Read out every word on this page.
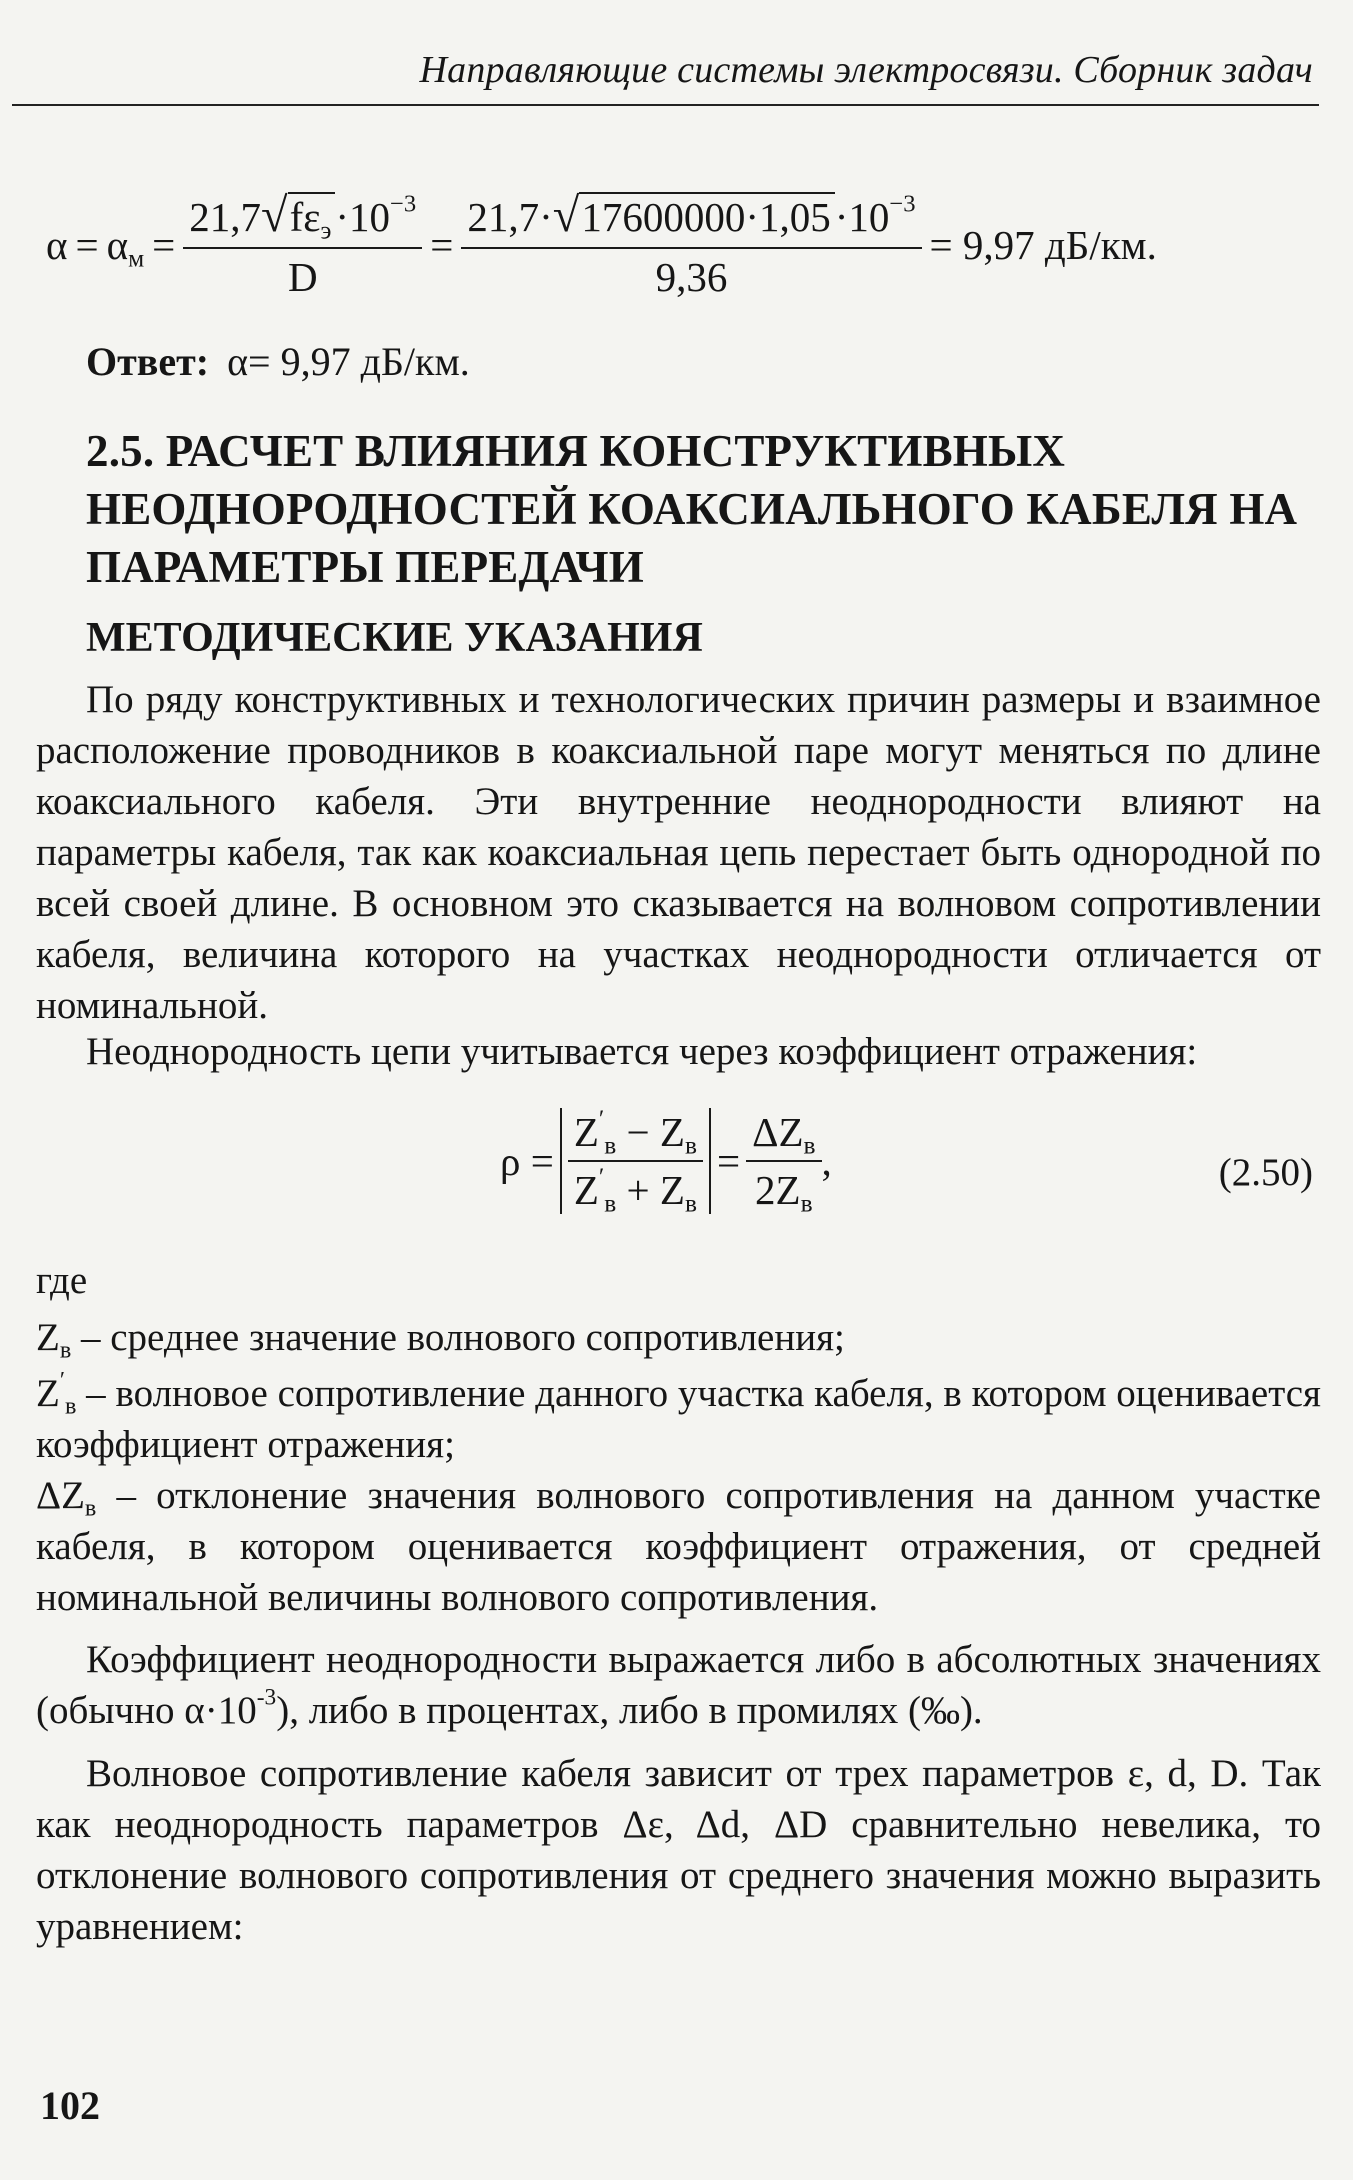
Направляющие системы электросвязи. Сборник задач
$\alpha = \alpha_м = \frac{21,7√f\varepsilon_э\cdot 10^{-3}}{D} = \frac{21,7\cdot√17600000\cdot 1,05\cdot 10^{-3}}{9,36} = 9,97$ дБ/км.
Ответ: α= 9,97 дБ/км.
2.5. РАСЧЕТ ВЛИЯНИЯ КОНСТРУКТИВНЫХ НЕОДНОРОДНОСТЕЙ КОАКСИАЛЬНОГО КАБЕЛЯ НА ПАРАМЕТРЫ ПЕРЕДАЧИ
МЕТОДИЧЕСКИЕ УКАЗАНИЯ
По ряду конструктивных и технологических причин размеры и взаимное расположение проводников в коаксиальной паре могут меняться по длине коаксиального кабеля. Эти внутренние неоднородности влияют на параметры кабеля, так как коаксиальная цепь перестает быть однородной по всей своей длине. В основном это сказывается на волновом сопротивлении кабеля, величина которого на участках неоднородности отличается от номинальной.
Неоднородность цепи учитывается через коэффициент отражения:
$\rho = \frac{Z'_в - Z_в}{Z'_в + Z_в} = \frac{\Delta Z_в}{2Z_в}$ ,	(2.50)
где
$Z_в$ – среднее значение волнового сопротивления;
$Z'_в$ – волновое сопротивление данного участка кабеля, в котором оценивается коэффициент отражения;
$\Delta Z_в$ – отклонение значения волнового сопротивления на данном участке кабеля, в котором оценивается коэффициент отражения, от средней номинальной величины волнового сопротивления.
Коэффициент неоднородности выражается либо в абсолютных значениях (обычно $\alpha\cdot 10^{-3}$), либо в процентах, либо в промилях (‰).
Волновое сопротивление кабеля зависит от трех параметров ε, d, D. Так как неоднородность параметров Δε, Δd, ΔD сравнительно невелика, то отклонение волнового сопротивления от среднего значения можно выразить уравнением:
102
